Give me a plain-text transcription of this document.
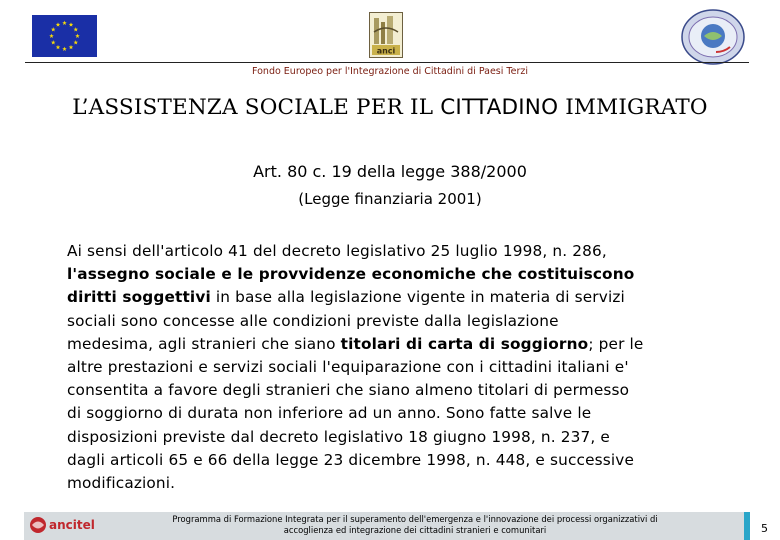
anci
Fondo Europeo per l'Integrazione di Cittadini di Paesi Terzi
L’ASSISTENZA SOCIALE PER IL CITTADINO IMMIGRATO
Art. 80 c. 19 della legge 388/2000
(Legge finanziaria 2001)
Ai sensi dell'articolo 41 del decreto legislativo 25 luglio 1998, n. 286,
l'assegno sociale e le provvidenze economiche che costituiscono
diritti soggettivi in base alla legislazione vigente in materia di servizi
sociali sono concesse alle condizioni previste dalla legislazione
medesima, agli stranieri che siano titolari di carta di soggiorno; per le
altre prestazioni e servizi sociali l'equiparazione con i cittadini italiani e'
consentita a favore degli stranieri che siano almeno titolari di permesso
di soggiorno di durata non inferiore ad un anno. Sono fatte salve le
disposizioni previste dal decreto legislativo 18 giugno 1998, n. 237, e
dagli articoli 65 e 66 della legge 23 dicembre 1998, n. 448, e successive
modificazioni.
ancitel	Programma di Formazione Integrata per il superamento dell'emergenza e l'innovazione dei processi organizzativi di
accoglienza ed integrazione dei cittadini stranieri e comunitari	5
